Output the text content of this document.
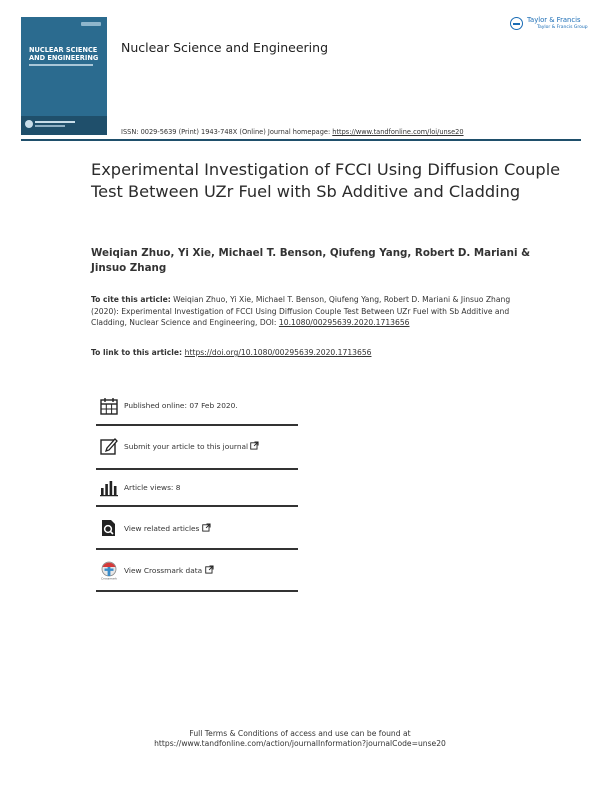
NUCLEAR SCIENCE AND ENGINEERING
Nuclear Science and Engineering
Taylor & Francis
Taylor & Francis Group
ISSN: 0029-5639 (Print) 1943-748X (Online) Journal homepage: https://www.tandfonline.com/loi/unse20
Experimental Investigation of FCCI Using Diffusion Couple Test Between UZr Fuel with Sb Additive and Cladding
Weiqian Zhuo, Yi Xie, Michael T. Benson, Qiufeng Yang, Robert D. Mariani & Jinsuo Zhang
To cite this article: Weiqian Zhuo, Yi Xie, Michael T. Benson, Qiufeng Yang, Robert D. Mariani & Jinsuo Zhang (2020): Experimental Investigation of FCCI Using Diffusion Couple Test Between UZr Fuel with Sb Additive and Cladding, Nuclear Science and Engineering, DOI: 10.1080/00295639.2020.1713656
To link to this article: https://doi.org/10.1080/00295639.2020.1713656
Published online: 07 Feb 2020.
Submit your article to this journal
Article views: 8
View related articles
Crossmark
View Crossmark data
Full Terms & Conditions of access and use can be found at
https://www.tandfonline.com/action/journalInformation?journalCode=unse20
